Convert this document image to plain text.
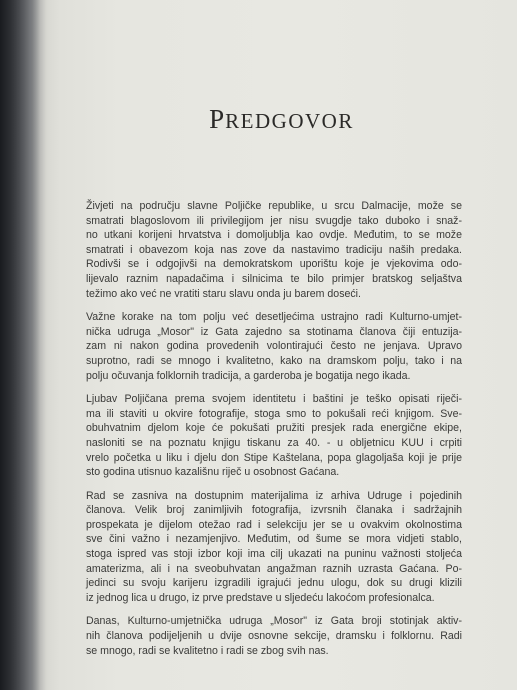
PREDGOVOR

Živjeti na području slavne Poljičke republike, u srcu Dalmacije, može se
smatrati blagoslovom ili privilegijom jer nisu svugdje tako duboko i snaž-
no utkani korijeni hrvatstva i domoljublja kao ovdje. Međutim, to se može
smatrati i obavezom koja nas zove da nastavimo tradiciju naših predaka.
Rodivši se i odgojivši na demokratskom uporištu koje je vjekovima odo-
lijevalo raznim napadačima i silnicima te bilo primjer bratskog seljaštva
težimo ako već ne vratiti staru slavu onda ju barem doseći.

Važne korake na tom polju već desetljećima ustrajno radi Kulturno-umjet-
nička udruga „Mosor" iz Gata zajedno sa stotinama članova čiji entuzija-
zam ni nakon godina provedenih volontirajući često ne jenjava. Upravo
suprotno, radi se mnogo i kvalitetno, kako na dramskom polju, tako i na
polju očuvanja folklornih tradicija, a garderoba je bogatija nego ikada.

Ljubav Poljičana prema svojem identitetu i baštini je teško opisati riječi-
ma ili staviti u okvire fotografije, stoga smo to pokušali reći knjigom. Sve-
obuhvatnim djelom koje će pokušati pružiti presjek rada energične ekipe,
nasloniti se na poznatu knjigu tiskanu za 40. - u obljetnicu KUU i crpiti
vrelo početka u liku i djelu don Stipe Kaštelana, popa glagoljaša koji je prije
sto godina utisnuo kazališnu riječ u osobnost Gaćana.

Rad se zasniva na dostupnim materijalima iz arhiva Udruge i pojedinih
članova. Velik broj zanimljivih fotografija, izvrsnih članaka i sadržajnih
prospekata je dijelom otežao rad i selekciju jer se u ovakvim okolnostima
sve čini važno i nezamjenjivo. Međutim, od šume se mora vidjeti stablo,
stoga ispred vas stoji izbor koji ima cilj ukazati na puninu važnosti stoljeća
amaterizma, ali i na sveobuhvatan angažman raznih uzrasta Gaćana. Po-
jedinci su svoju karijeru izgradili igrajući jednu ulogu, dok su drugi klizili
iz jednog lica u drugo, iz prve predstave u sljedeću lakoćom profesionalca.

Danas, Kulturno-umjetnička udruga „Mosor" iz Gata broji stotinjak aktiv-
nih članova podijeljenih u dvije osnovne sekcije, dramsku i folklornu. Radi
se mnogo, radi se kvalitetno i radi se zbog svih nas.
